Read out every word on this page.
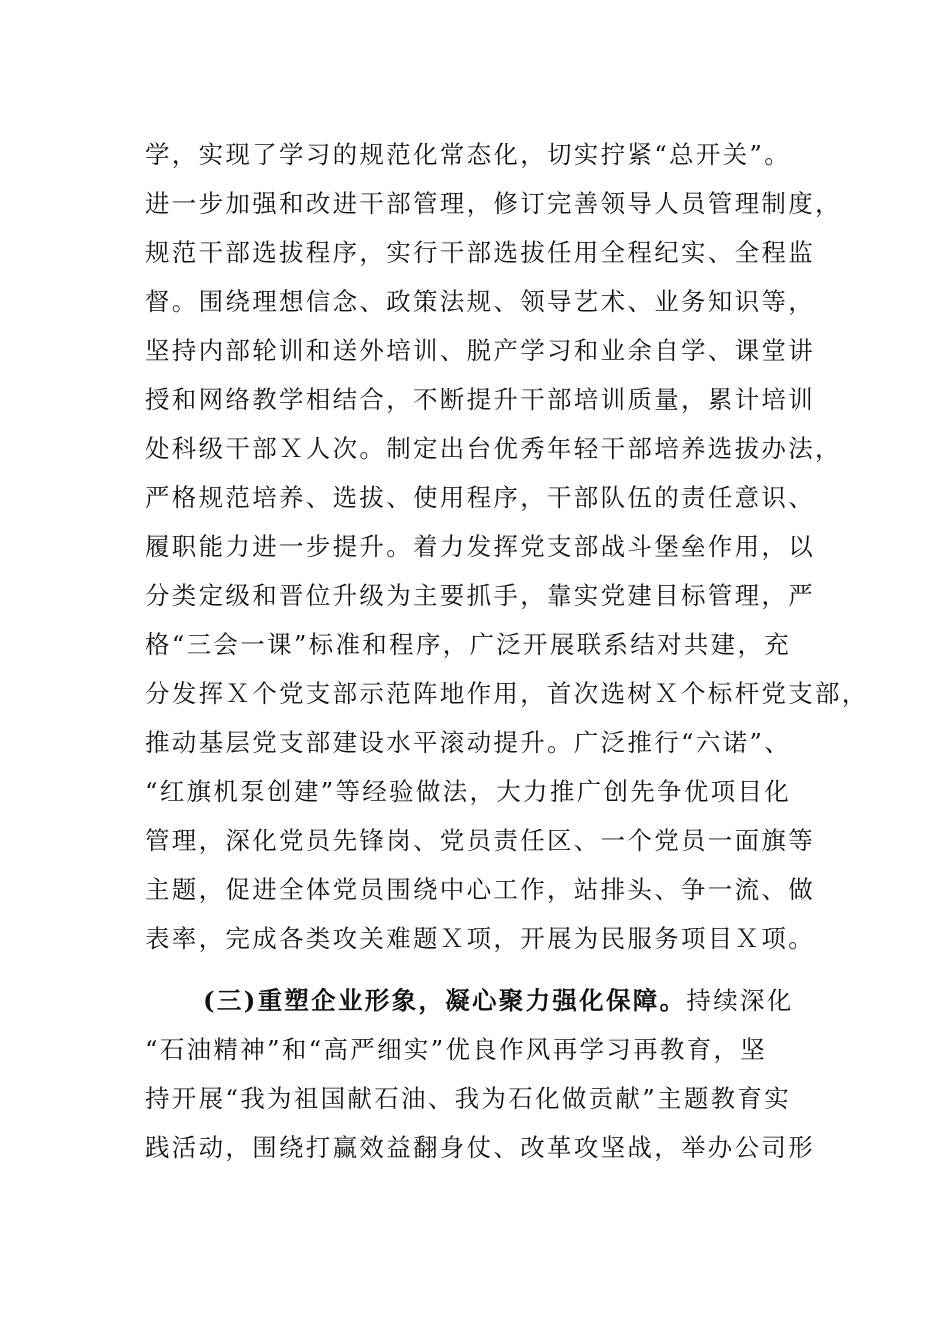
学，实现了学习的规范化常态化，切实拧紧“总开关”。
进一步加强和改进干部管理，修订完善领导人员管理制度，
规范干部选拔程序，实行干部选拔任用全程纪实、全程监
督。围绕理想信念、政策法规、领导艺术、业务知识等，
坚持内部轮训和送外培训、脱产学习和业余自学、课堂讲
授和网络教学相结合，不断提升干部培训质量，累计培训
处科级干部Ｘ人次。制定出台优秀年轻干部培养选拔办法，
严格规范培养、选拔、使用程序，干部队伍的责任意识、
履职能力进一步提升。着力发挥党支部战斗堡垒作用，以
分类定级和晋位升级为主要抓手，靠实党建目标管理，严
格“三会一课”标准和程序，广泛开展联系结对共建，充
分发挥Ｘ个党支部示范阵地作用，首次选树Ｘ个标杆党支部，
推动基层党支部建设水平滚动提升。广泛推行“六诺”、
“红旗机泵创建”等经验做法，大力推广创先争优项目化
管理，深化党员先锋岗、党员责任区、一个党员一面旗等
主题，促进全体党员围绕中心工作，站排头、争一流、做
表率，完成各类攻关难题Ｘ项，开展为民服务项目Ｘ项。
(三)重塑企业形象，凝心聚力强化保障。持续深化
“石油精神”和“高严细实”优良作风再学习再教育，坚
持开展“我为祖国献石油、我为石化做贡献”主题教育实
践活动，围绕打赢效益翻身仗、改革攻坚战，举办公司形
